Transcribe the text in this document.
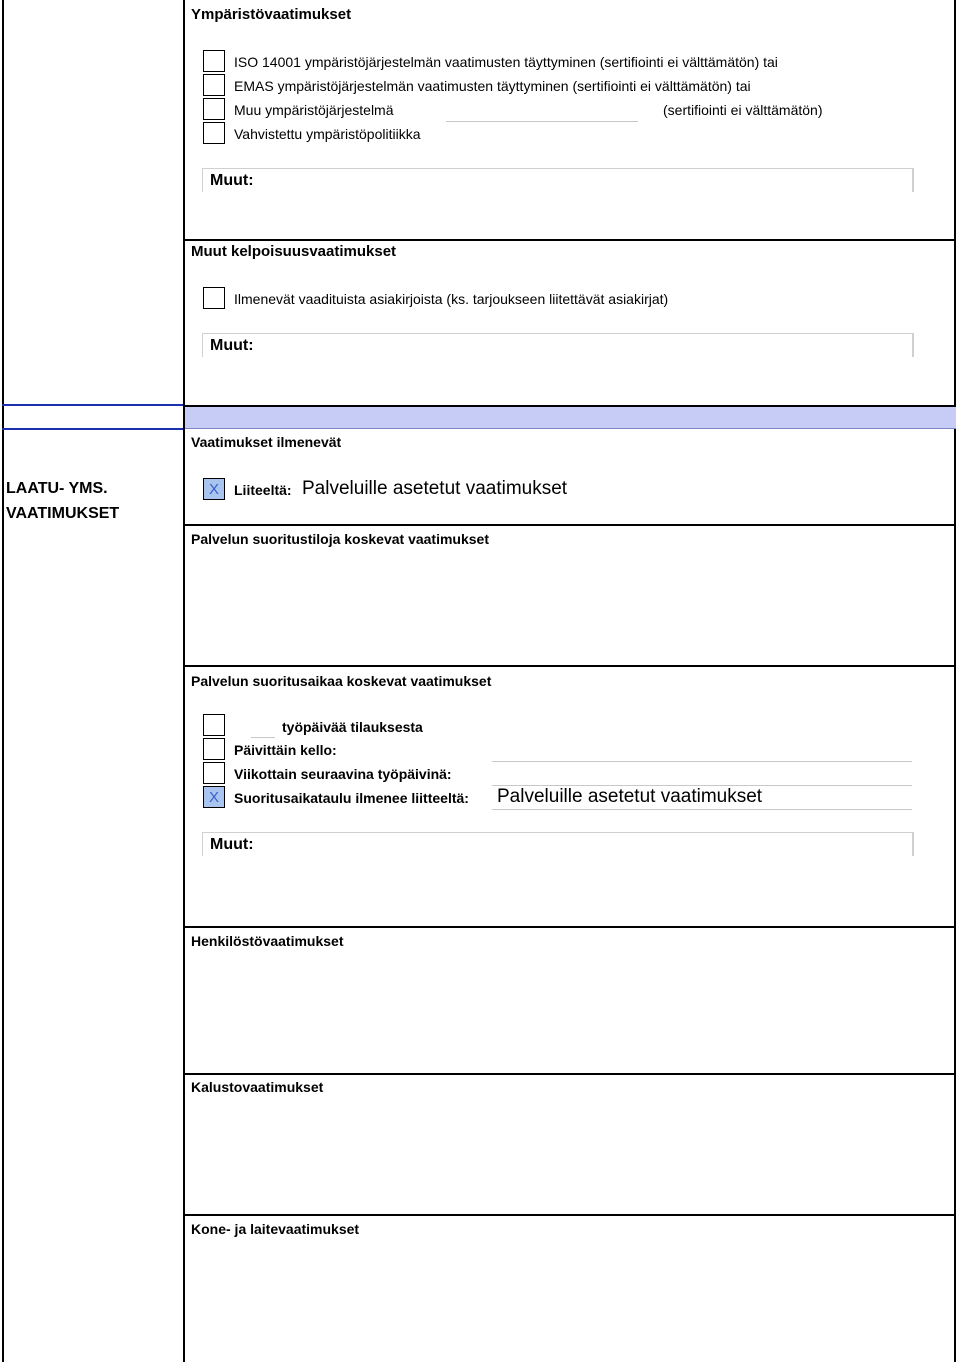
Ympäristövaatimukset
ISO 14001 ympäristöjärjestelmän vaatimusten täyttyminen (sertifiointi ei välttämätön) tai
EMAS ympäristöjärjestelmän vaatimusten täyttyminen (sertifiointi ei välttämätön) tai
Muu ympäristöjärjestelmä	(sertifiointi ei välttämätön)
Vahvistettu ympäristöpolitiikka
Muut:
Muut kelpoisuusvaatimukset
Ilmenevät vaadituista asiakirjoista (ks. tarjoukseen liitettävät asiakirjat)
Muut:
LAATU- YMS.
VAATIMUKSET
Vaatimukset ilmenevät
X	Liiteeltä: Palveluille asetetut vaatimukset
Palvelun suoritustiloja koskevat vaatimukset
Palvelun suoritusaikaa koskevat vaatimukset
työpäivää tilauksesta
Päivittäin kello:
Viikottain seuraavina työpäivinä:
X	Suoritusaikataulu ilmenee liitteeltä: Palveluille asetetut vaatimukset
Muut:
Henkilöstövaatimukset
Kalustovaatimukset
Kone- ja laitevaatimukset
